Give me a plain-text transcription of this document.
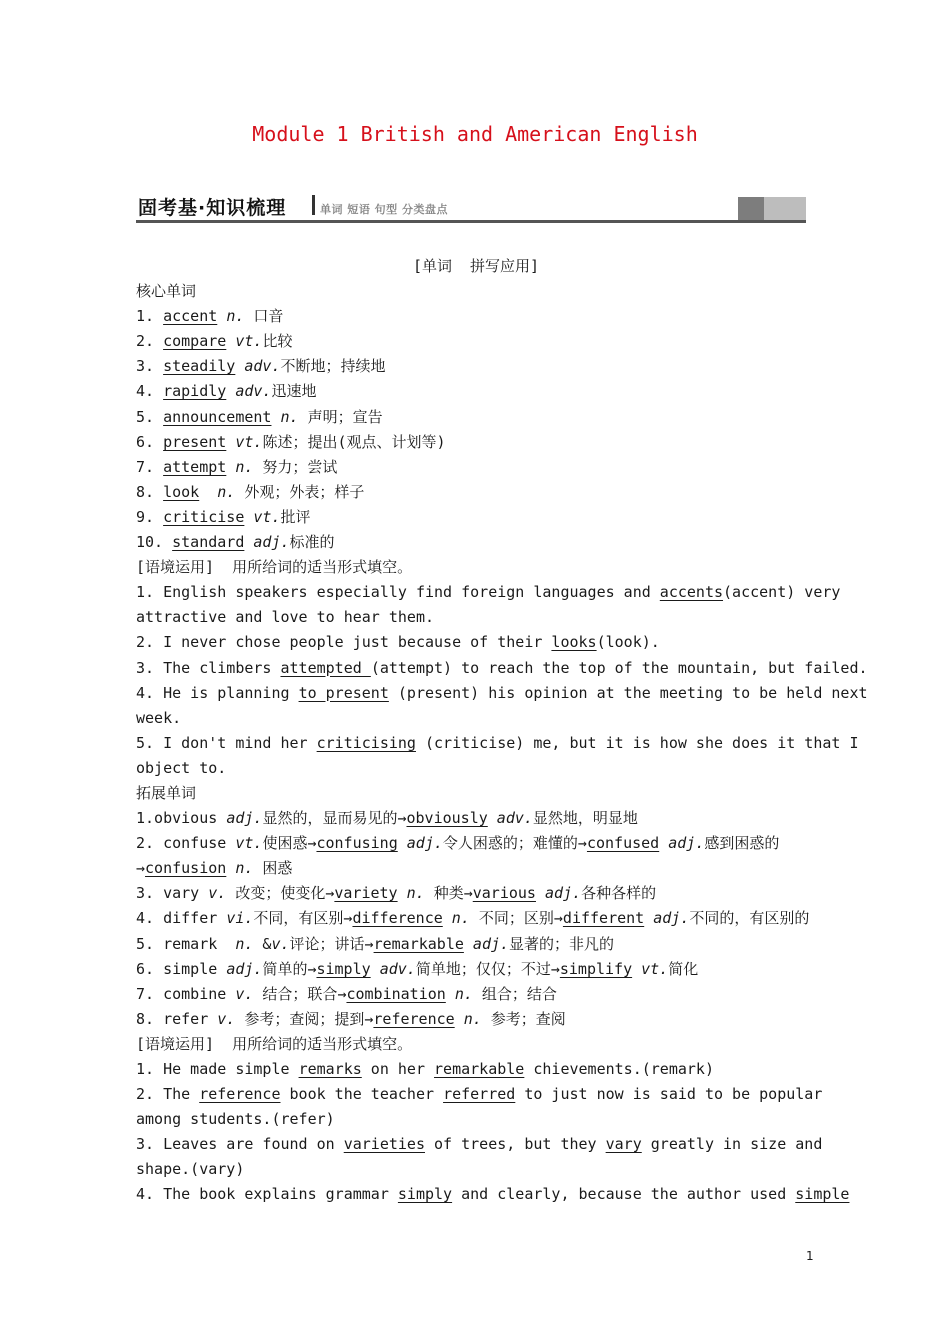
Module 1 British and American English
固考基·知识梳理	单词 短语 句型 分类盘点
[单词  拼写应用]
核心单词
1. accent n. 口音
2. compare vt.比较
3. steadily adv.不断地；持续地
4. rapidly adv.迅速地
5. announcement n. 声明；宣告
6. present vt.陈述；提出(观点、计划等)
7. attempt n. 努力；尝试
8. look n. 外观；外表；样子
9. criticise vt.批评
10. standard adj.标准的
[语境运用]  用所给词的适当形式填空。
1. English speakers especially find foreign languages and accents(accent) very
attractive and love to hear them.
2. I never chose people just because of their looks(look).
3. The climbers attempted (attempt) to reach the top of the mountain, but failed.
4. He is planning to present (present) his opinion at the meeting to be held next
week.
5. I don't mind her criticising (criticise) me, but it is how she does it that I
object to.
拓展单词
1.obvious adj.显然的，显而易见的→obviously adv.显然地，明显地
2. confuse vt.使困惑→confusing adj.令人困惑的；难懂的→confused adj.感到困惑的
→confusion n. 困惑
3. vary v. 改变；使变化→variety n. 种类→various adj.各种各样的
4. differ vi.不同，有区别→difference n. 不同；区别→different adj.不同的，有区别的
5. remark  n. &v.评论；讲话→remarkable adj.显著的；非凡的
6. simple adj.简单的→simply adv.简单地；仅仅；不过→simplify vt.简化
7. combine v. 结合；联合→combination n. 组合；结合
8. refer v. 参考；查阅；提到→reference n. 参考；查阅
[语境运用]  用所给词的适当形式填空。
1. He made simple remarks on her remarkable chievements.(remark)
2. The reference book the teacher referred to just now is said to be popular
among students.(refer)
3. Leaves are found on varieties of trees, but they vary greatly in size and
shape.(vary)
4. The book explains grammar simply and clearly, because the author used simple
1
